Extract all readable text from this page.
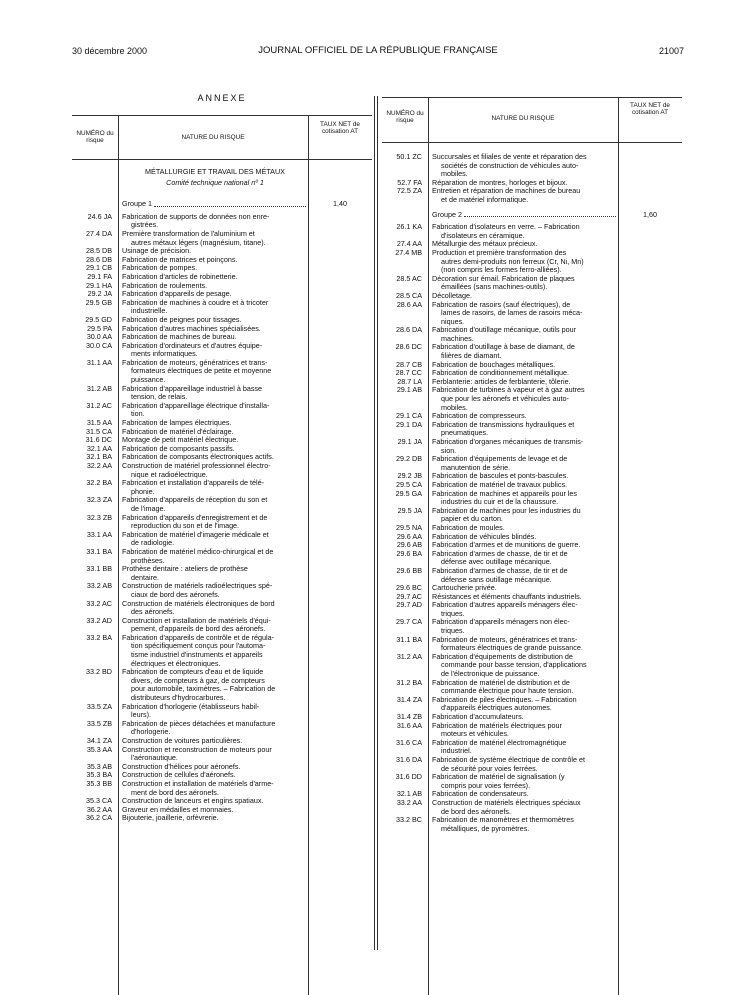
30 décembre 2000	JOURNAL OFFICIEL DE LA RÉPUBLIQUE FRANÇAISE	21007
ANNEXE
NUMÉRO du risque	NATURE DU RISQUE
TAUX NET de cotisation AT
MÉTALLURGIE ET TRAVAIL DES MÉTAUX
Comité technique national nº 1
Groupe 1	1,40
24.6 JA	Fabrication de supports de données non enre-
gistrées.
27.4 DA	Première transformation de l'aluminium et
autres métaux légers (magnésium, titane).
28.5 DB	Usinage de précision.
28.6 DB	Fabrication de matrices et poinçons.
29.1 CB	Fabrication de pompes.
29.1 FA	Fabrication d'articles de robinetterie.
29.1 HA	Fabrication de roulements.
29.2 JA	Fabrication d'appareils de pesage.
29.5 GB	Fabrication de machines à coudre et à tricoter
industrielle.
29.5 GD	Fabrication de peignes pour tissages.
29.5 PA	Fabrication d'autres machines spécialisées.
30.0 AA	Fabrication de machines de bureau.
30.0 CA	Fabrication d'ordinateurs et d'autres équipe-
ments informatiques.
31.1 AA	Fabrication de moteurs, génératrices et trans-
formateurs électriques de petite et moyenne
puissance.
31.2 AB	Fabrication d'appareillage industriel à basse
tension, de relais.
31.2 AC	Fabrication d'appareillage électrique d'installa-
tion.
31.5 AA	Fabrication de lampes électriques.
31.5 CA	Fabrication de matériel d'éclairage.
31.6 DC	Montage de petit matériel électrique.
32.1 AA	Fabrication de composants passifs.
32.1 BA	Fabrication de composants électroniques actifs.
32.2 AA	Construction de matériel professionnel électro-
nique et radioélectrique.
32.2 BA	Fabrication et installation d'appareils de télé-
phonie.
32.3 ZA	Fabrication d'appareils de réception du son et
de l'image.
32.3 ZB	Fabrication d'appareils d'enregistrement et de
reproduction du son et de l'image.
33.1 AA	Fabrication de matériel d'imagerie médicale et
de radiologie.
33.1 BA	Fabrication de matériel médico-chirurgical et de
prothèses.
33.1 BB	Prothèse dentaire : ateliers de prothèse
dentaire.
33.2 AB	Construction de matériels radioélectriques spé-
ciaux de bord des aéronefs.
33.2 AC	Construction de matériels électroniques de bord
des aéronefs.
33.2 AD	Construction et installation de matériels d'équi-
pement, d'appareils de bord des aéronefs.
33.2 BA	Fabrication d'appareils de contrôle et de régula-
tion spécifiquement conçus pour l'automa-
tisme industriel d'instruments et appareils
électriques et électroniques.
33.2 BD	Fabrication de compteurs d'eau et de liquide
divers, de compteurs à gaz, de compteurs
pour automobile, taximètres. – Fabrication de
distributeurs d'hydrocarbures.
33.5 ZA	Fabrication d'horlogerie (établisseurs habil-
leurs).
33.5 ZB	Fabrication de pièces détachées et manufacture
d'horlogerie.
34.1 ZA	Construction de voitures particulières.
35.3 AA	Construction et reconstruction de moteurs pour
l'aéronautique.
35.3 AB	Construction d'hélices pour aéronefs.
35.3 BA	Construction de cellules d'aéronefs.
35.3 BB	Construction et installation de matériels d'arme-
ment de bord des aéronefs.
35.3 CA	Construction de lanceurs et engins spatiaux.
36.2 AA	Graveur en médailles et monnaies.
36.2 CA	Bijouterie, joaillerie, orfèvrerie.
NUMÉRO du risque	NATURE DU RISQUE
TAUX NET de cotisation AT
50.1 ZC	Succursales et filiales de vente et réparation des
sociétés de construction de véhicules auto-
mobiles.
52.7 FA	Réparation de montres, horloges et bijoux.
72.5 ZA	Entretien et réparation de machines de bureau
et de matériel informatique.
Groupe 2	1,60
26.1 KA	Fabrication d'isolateurs en verre. – Fabrication
d'isolateurs en céramique.
27.4 AA	Métallurgie des métaux précieux.
27.4 MB	Production et première transformation des
autres demi-produits non ferreux (Cr, Ni, Mn)
(non compris les formes ferro-alliées).
28.5 AC	Décoration sur émail. Fabrication de plaques
émaillées (sans machines-outils).
28.5 CA	Décolletage.
28.6 AA	Fabrication de rasoirs (sauf électriques), de
lames de rasoirs, de lames de rasoirs méca-
niques.
28.6 DA	Fabrication d'outillage mécanique, outils pour
machines.
28.6 DC	Fabrication d'outillage à base de diamant, de
filières de diamant.
28.7 CB	Fabrication de bouchages métalliques.
28.7 CC	Fabrication de conditionnement métallique.
28.7 LA	Ferblanterie: articles de ferblanterie, tôlerie.
29.1 AB	Fabrication de turbines à vapeur et à gaz autres
que pour les aéronefs et véhicules auto-
mobiles.
29.1 CA	Fabrication de compresseurs.
29.1 DA	Fabrication de transmissions hydrauliques et
pneumatiques.
29.1 JA	Fabrication d'organes mécaniques de transmis-
sion.
29.2 DB	Fabrication d'équipements de levage et de
manutention de série.
29.2 JB	Fabrication de bascules et ponts-bascules.
29.5 CA	Fabrication de matériel de travaux publics.
29.5 GA	Fabrication de machines et appareils pour les
industries du cuir et de la chaussure.
29.5 JA	Fabrication de machines pour les industries du
papier et du carton.
29.5 NA	Fabrication de moules.
29.6 AA	Fabrication de véhicules blindés.
29.6 AB	Fabrication d'armes et de munitions de guerre.
29.6 BA	Fabrication d'armes de chasse, de tir et de
défense avec outillage mécanique.
29.6 BB	Fabrication d'armes de chasse, de tir et de
défense sans outillage mécanique.
29.6 BC	Cartoucherie privée.
29.7 AC	Résistances et éléments chauffants industriels.
29.7 AD	Fabrication d'autres appareils ménagers élec-
triques.
29.7 CA	Fabrication d'appareils ménagers non élec-
triques.
31.1 BA	Fabrication de moteurs, génératrices et trans-
formateurs électriques de grande puissance.
31.2 AA	Fabrication d'équipements de distribution de
commande pour basse tension, d'applications
de l'électronique de puissance.
31.2 BA	Fabrication de matériel de distribution et de
commande électrique pour haute tension.
31.4 ZA	Fabrication de piles électriques. – Fabrication
d'appareils électriques autonomes.
31.4 ZB	Fabrication d'accumulateurs.
31.6 AA	Fabrication de matériels électriques pour
moteurs et véhicules.
31.6 CA	Fabrication de matériel électromagnétique
industriel.
31.6 DA	Fabrication de système électrique de contrôle et
de sécurité pour voies ferrées.
31.6 DD	Fabrication de matériel de signalisation (y
compris pour voies ferrées).
32.1 AB	Fabrication de condensateurs.
33.2 AA	Construction de matériels électriques spéciaux
de bord des aéronefs.
33.2 BC	Fabrication de manomètres et thermomètres
métalliques, de pyromètres.
